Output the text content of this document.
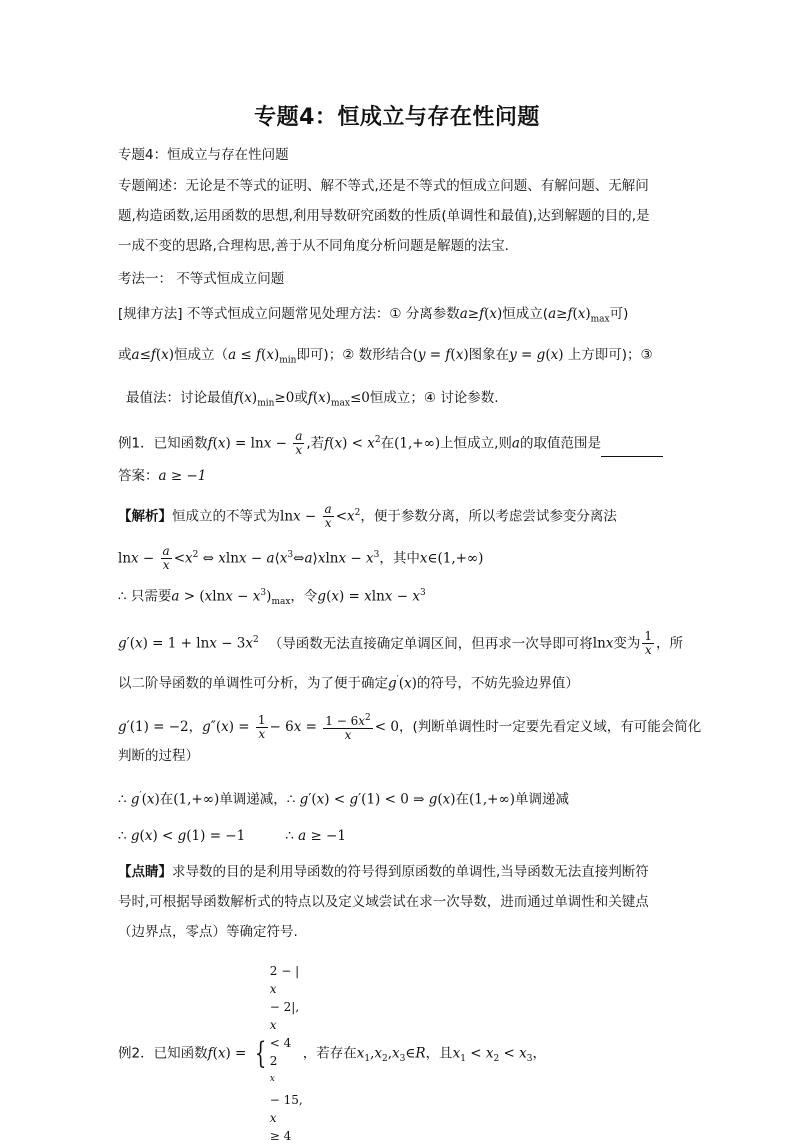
专题4：恒成立与存在性问题
专题4：恒成立与存在性问题
专题阐述：无论是不等式的证明、解不等式,还是不等式的恒成立问题、有解问题、无解问
题,构造函数,运用函数的思想,利用导数研究函数的性质(单调性和最值),达到解题的目的,是
一成不变的思路,合理构思,善于从不同角度分析问题是解题的法宝.
考法一： 不等式恒成立问题
[规律方法] 不等式恒成立问题常见处理方法：① 分离参数a≥f(x)恒成立($a\ge f(x)_{max}$可)
或a≤f(x)恒成立（$a \le f(x)_{min}$即可)；② 数形结合(y = f(x)图象在y = g(x) 上方即可)；③
最值法：讨论最值$f(x)_{min}\ge 0$或$f(x)_{max}\le 0$恒成立；④ 讨论参数.
例1．已知函数$f(x) = \ln x - \frac{a}{x}$ ,若$f(x) < x^2$在(1,+∞)上恒成立,则a的取值范围是
答案：a ≥ −1
【解析】恒成立的不等式为$\ln x - \frac{a}{x} <x^2$，便于参数分离，所以考虑尝试参变分离法
$\ln x - \frac{a}{x} <x^2$ ⇔ $xlnx - a⟨x^3\Leftrightarrow a⟩xlnx - x^3$，其中x∈(1,+∞)
∴ 只需要$a > (xlnx - x^3)_{max}$，令$g(x) = xlnx - x^3$
$g'(x) = 1 + \ln x - 3x^2$ （导函数无法直接确定单调区间，但再求一次导即可将lnx变为 $\frac{1}{x}$ ，所
以二阶导函数的单调性可分析，为了便于确定g′(x)的符号，不妨先验边界值）
g′(1) = −2，$g''(x) = \frac{1}{x} - 6x = \frac{1 - 6x^2}{x} < 0$，(判断单调性时一定要先看定义域，有可能会简化
判断的过程）
∴ g′(x)在(1,+∞)单调递减，∴ g′(x) < g′(1) < 0 ⇒ g(x)在(1,+∞)单调递减
∴ g(x) < g(1) = −1	∴ a ≥ −1
【点睛】求导数的目的是利用导函数的符号得到原函数的单调性,当导函数无法直接判断符
号时,可根据导函数解析式的特点以及定义域尝试在求一次导数，进而通过单调性和关键点
（边界点，零点）等确定符号.
例2．已知函数f(x) = {
2 − |
x
− 2|,
x
< 4
2
$^x$
− 15,
x
≥ 4
，若存在$x_1,x_2,x_3\in R$，且$x_1 < x_2 < x_3$，
